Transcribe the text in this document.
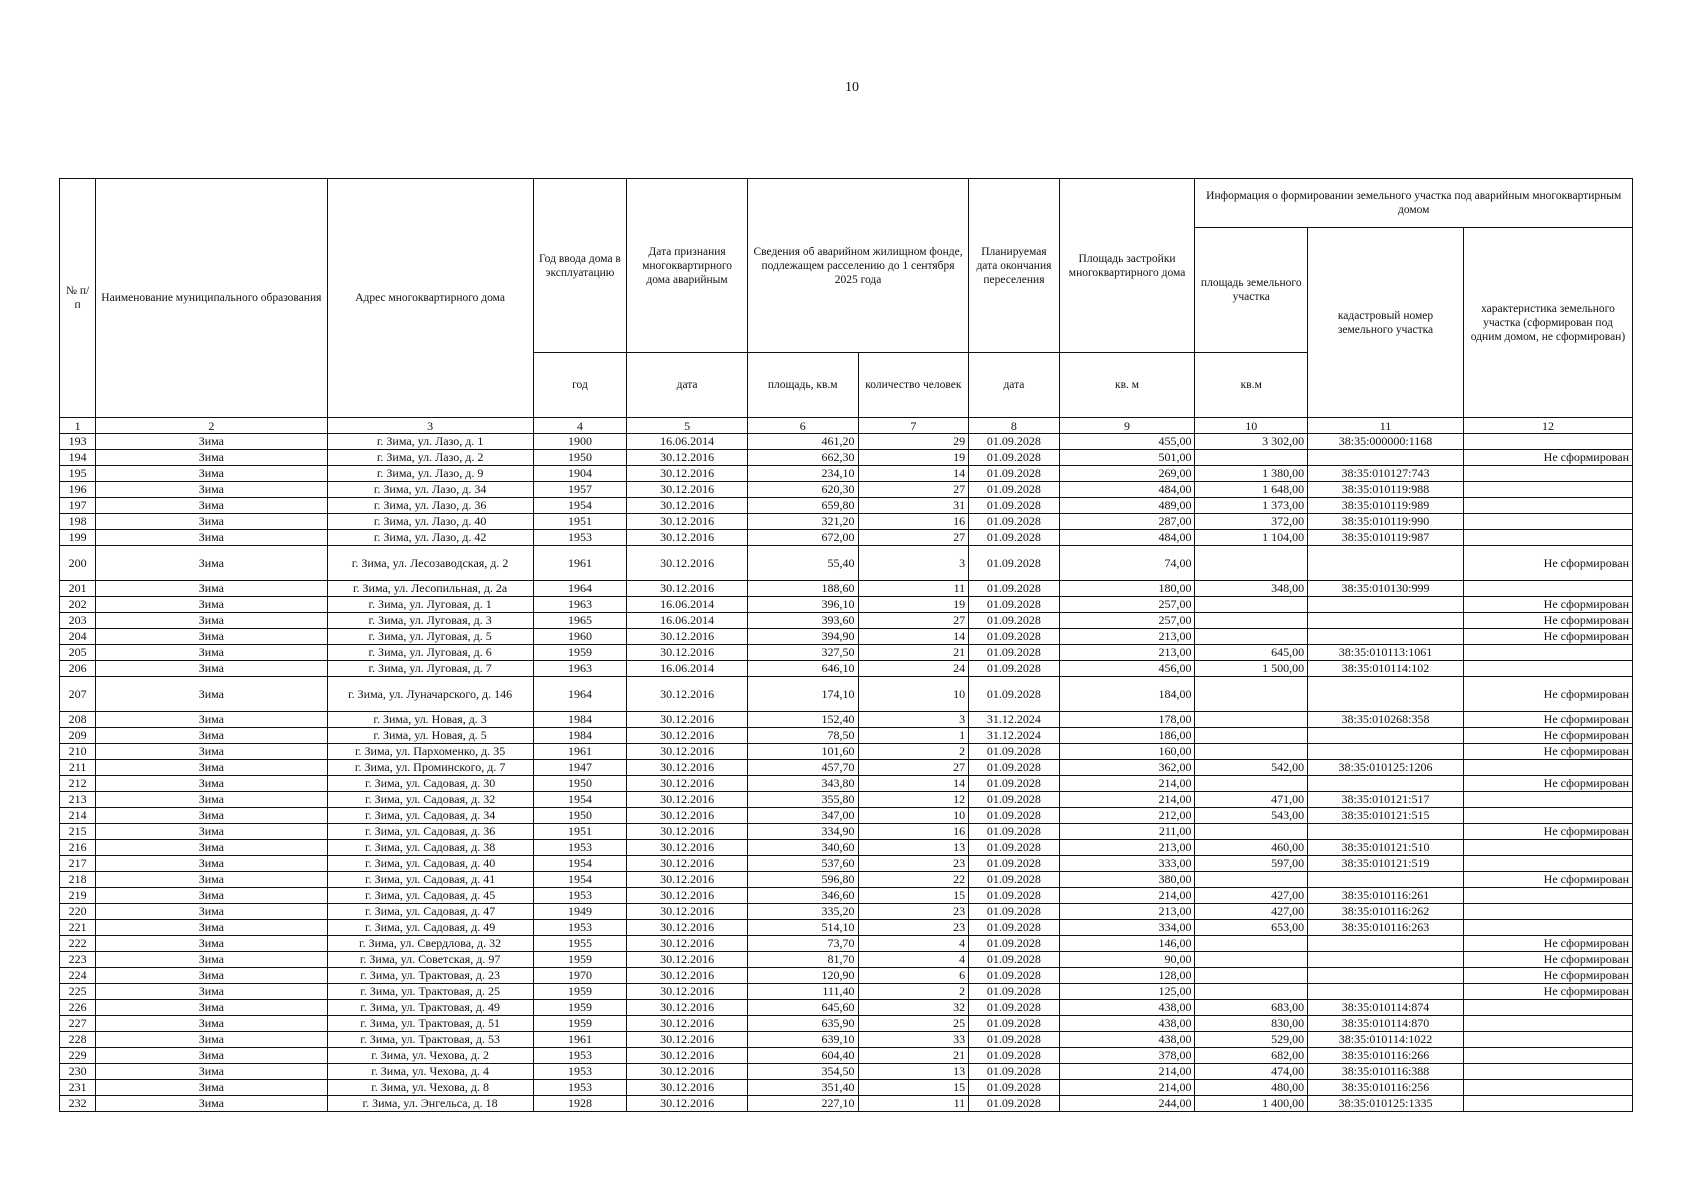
10
№ п/п	Наименование муниципального образования	Адрес многоквартирного дома	Год ввода дома в эксплуатацию	Дата признания многоквартирного дома аварийным	Сведения об аварийном жилищном фонде, подлежащем расселению до 1 сентября 2025 года		Планируемая дата окончания переселения	Площадь застройки многоквартирного дома	Информация о формировании земельного участка под аварийным многоквартирным домом		
									площадь земельного участка	кадастровый номер земельного участка	характеристика земельного участка (сформирован под одним домом, не сформирован)
			год	дата	площадь, кв.м	количество человек	дата	кв. м	кв.м		
1	2	3	4	5	6	7	8	9	10	11	12
193	Зима	г. Зима, ул. Лазо, д. 1	1900	16.06.2014	461,20	29	01.09.2028	455,00	3 302,00	38:35:000000:1168	
194	Зима	г. Зима, ул. Лазо, д. 2	1950	30.12.2016	662,30	19	01.09.2028	501,00			Не сформирован
195	Зима	г. Зима, ул. Лазо, д. 9	1904	30.12.2016	234,10	14	01.09.2028	269,00	1 380,00	38:35:010127:743	
196	Зима	г. Зима, ул. Лазо, д. 34	1957	30.12.2016	620,30	27	01.09.2028	484,00	1 648,00	38:35:010119:988	
197	Зима	г. Зима, ул. Лазо, д. 36	1954	30.12.2016	659,80	31	01.09.2028	489,00	1 373,00	38:35:010119:989	
198	Зима	г. Зима, ул. Лазо, д. 40	1951	30.12.2016	321,20	16	01.09.2028	287,00	372,00	38:35:010119:990	
199	Зима	г. Зима, ул. Лазо, д. 42	1953	30.12.2016	672,00	27	01.09.2028	484,00	1 104,00	38:35:010119:987	
200	Зима	г. Зима, ул. Лесозаводская, д. 2	1961	30.12.2016	55,40	3	01.09.2028	74,00			Не сформирован
201	Зима	г. Зима, ул. Лесопильная, д. 2а	1964	30.12.2016	188,60	11	01.09.2028	180,00	348,00	38:35:010130:999	
202	Зима	г. Зима, ул. Луговая, д. 1	1963	16.06.2014	396,10	19	01.09.2028	257,00			Не сформирован
203	Зима	г. Зима, ул. Луговая, д. 3	1965	16.06.2014	393,60	27	01.09.2028	257,00			Не сформирован
204	Зима	г. Зима, ул. Луговая, д. 5	1960	30.12.2016	394,90	14	01.09.2028	213,00			Не сформирован
205	Зима	г. Зима, ул. Луговая, д. 6	1959	30.12.2016	327,50	21	01.09.2028	213,00	645,00	38:35:010113:1061	
206	Зима	г. Зима, ул. Луговая, д. 7	1963	16.06.2014	646,10	24	01.09.2028	456,00	1 500,00	38:35:010114:102	
207	Зима	г. Зима, ул. Луначарского, д. 146	1964	30.12.2016	174,10	10	01.09.2028	184,00			Не сформирован
208	Зима	г. Зима, ул. Новая, д. 3	1984	30.12.2016	152,40	3	31.12.2024	178,00		38:35:010268:358	Не сформирован
209	Зима	г. Зима, ул. Новая, д. 5	1984	30.12.2016	78,50	1	31.12.2024	186,00			Не сформирован
210	Зима	г. Зима, ул. Пархоменко, д. 35	1961	30.12.2016	101,60	2	01.09.2028	160,00			Не сформирован
211	Зима	г. Зима, ул. Проминского, д. 7	1947	30.12.2016	457,70	27	01.09.2028	362,00	542,00	38:35:010125:1206	
212	Зима	г. Зима, ул. Садовая, д. 30	1950	30.12.2016	343,80	14	01.09.2028	214,00			Не сформирован
213	Зима	г. Зима, ул. Садовая, д. 32	1954	30.12.2016	355,80	12	01.09.2028	214,00	471,00	38:35:010121:517	
214	Зима	г. Зима, ул. Садовая, д. 34	1950	30.12.2016	347,00	10	01.09.2028	212,00	543,00	38:35:010121:515	
215	Зима	г. Зима, ул. Садовая, д. 36	1951	30.12.2016	334,90	16	01.09.2028	211,00			Не сформирован
216	Зима	г. Зима, ул. Садовая, д. 38	1953	30.12.2016	340,60	13	01.09.2028	213,00	460,00	38:35:010121:510	
217	Зима	г. Зима, ул. Садовая, д. 40	1954	30.12.2016	537,60	23	01.09.2028	333,00	597,00	38:35:010121:519	
218	Зима	г. Зима, ул. Садовая, д. 41	1954	30.12.2016	596,80	22	01.09.2028	380,00			Не сформирован
219	Зима	г. Зима, ул. Садовая, д. 45	1953	30.12.2016	346,60	15	01.09.2028	214,00	427,00	38:35:010116:261	
220	Зима	г. Зима, ул. Садовая, д. 47	1949	30.12.2016	335,20	23	01.09.2028	213,00	427,00	38:35:010116:262	
221	Зима	г. Зима, ул. Садовая, д. 49	1953	30.12.2016	514,10	23	01.09.2028	334,00	653,00	38:35:010116:263	
222	Зима	г. Зима, ул. Свердлова, д. 32	1955	30.12.2016	73,70	4	01.09.2028	146,00			Не сформирован
223	Зима	г. Зима, ул. Советская, д. 97	1959	30.12.2016	81,70	4	01.09.2028	90,00			Не сформирован
224	Зима	г. Зима, ул. Трактовая, д. 23	1970	30.12.2016	120,90	6	01.09.2028	128,00			Не сформирован
225	Зима	г. Зима, ул. Трактовая, д. 25	1959	30.12.2016	111,40	2	01.09.2028	125,00			Не сформирован
226	Зима	г. Зима, ул. Трактовая, д. 49	1959	30.12.2016	645,60	32	01.09.2028	438,00	683,00	38:35:010114:874	
227	Зима	г. Зима, ул. Трактовая, д. 51	1959	30.12.2016	635,90	25	01.09.2028	438,00	830,00	38:35:010114:870	
228	Зима	г. Зима, ул. Трактовая, д. 53	1961	30.12.2016	639,10	33	01.09.2028	438,00	529,00	38:35:010114:1022	
229	Зима	г. Зима, ул. Чехова, д. 2	1953	30.12.2016	604,40	21	01.09.2028	378,00	682,00	38:35:010116:266	
230	Зима	г. Зима, ул. Чехова, д. 4	1953	30.12.2016	354,50	13	01.09.2028	214,00	474,00	38:35:010116:388	
231	Зима	г. Зима, ул. Чехова, д. 8	1953	30.12.2016	351,40	15	01.09.2028	214,00	480,00	38:35:010116:256	
232	Зима	г. Зима, ул. Энгельса, д. 18	1928	30.12.2016	227,10	11	01.09.2028	244,00	1 400,00	38:35:010125:1335	
